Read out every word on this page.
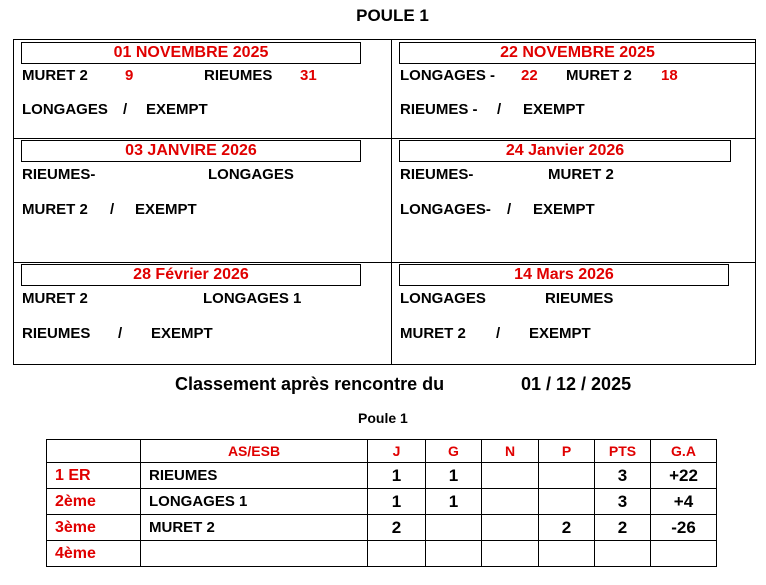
POULE 1
01 NOVEMBRE 2025
MURET 2 9	RIEUMES 31
LONGAGES / EXEMPT
22 NOVEMBRE 2025
LONGAGES - 22 MURET 2 18
RIEUMES - / EXEMPT
03 JANVIRE 2026
RIEUMES-	LONGAGES
MURET 2 / EXEMPT
24 Janvier 2026
RIEUMES-	MURET 2
LONGAGES- / EXEMPT
28 Février 2026
MURET 2	LONGAGES 1
RIEUMES / EXEMPT
14 Mars 2026
LONGAGES	RIEUMES
MURET 2 / EXEMPT
Classement après rencontre du	01 / 12 / 2025
Poule 1
	AS/ESB	J	G	N	P	PTS	G.A
1 ER	RIEUMES	1	1			3	+22
2ème	LONGAGES 1	1	1			3	+4
3ème	MURET 2	2			2	2	-26
4ème							
